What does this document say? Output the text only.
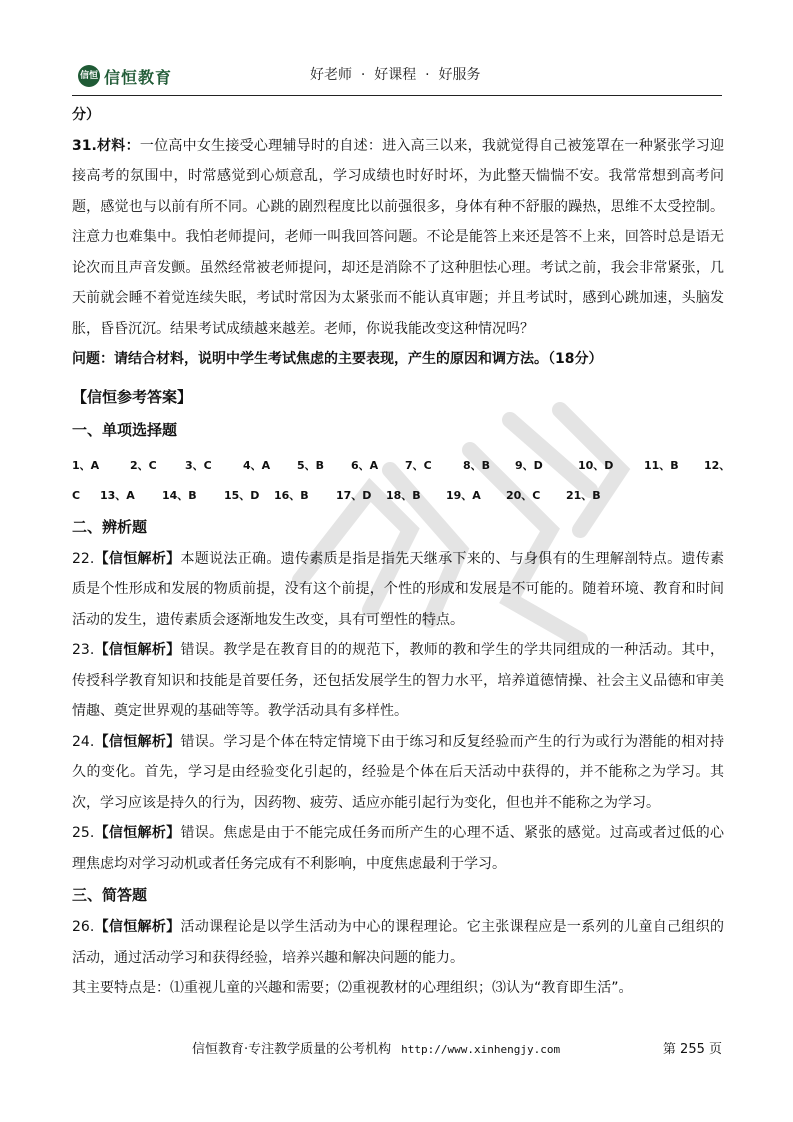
信恒 信恒教育	好老师  ·  好课程  ·  好服务

分）

31.材料：一位高中女生接受心理辅导时的自述：进入高三以来，我就觉得自己被笼罩在一种紧张学习迎接高考的氛围中，时常感觉到心烦意乱，学习成绩也时好时坏，为此整天惴惴不安。我常常想到高考问题，感觉也与以前有所不同。心跳的剧烈程度比以前强很多，身体有种不舒服的躁热，思维不太受控制。注意力也难集中。我怕老师提问，老师一叫我回答问题。不论是能答上来还是答不上来，回答时总是语无论次而且声音发颤。虽然经常被老师提问，却还是消除不了这种胆怯心理。考试之前，我会非常紧张，几天前就会睡不着觉连续失眠，考试时常因为太紧张而不能认真审题；并且考试时，感到心跳加速，头脑发胀，昏昏沉沉。结果考试成绩越来越差。老师，你说我能改变这种情况吗？

问题：请结合材料，说明中学生考试焦虑的主要表现，产生的原因和调方法。（18分）

【信恒参考答案】

一、单项选择题

1、A	2、C	3、C	4、A 5、B 6、A 7、C	8、B 9、D	10、D	11、B 12、
C 13、A 14、B 15、D 16、B 17、D 18、B 19、A 20、C 21、B

二、辨析题

22.【信恒解析】本题说法正确。遗传素质是指是指先天继承下来的、与身俱有的生理解剖特点。遗传素质是个性形成和发展的物质前提，没有这个前提，个性的形成和发展是不可能的。随着环境、教育和时间活动的发生，遗传素质会逐渐地发生改变，具有可塑性的特点。

23.【信恒解析】错误。教学是在教育目的的规范下，教师的教和学生的学共同组成的一种活动。其中，传授科学教育知识和技能是首要任务，还包括发展学生的智力水平，培养道德情操、社会主义品德和审美情趣、奠定世界观的基础等等。教学活动具有多样性。

24.【信恒解析】错误。学习是个体在特定情境下由于练习和反复经验而产生的行为或行为潜能的相对持久的变化。首先，学习是由经验变化引起的，经验是个体在后天活动中获得的，并不能称之为学习。其次，学习应该是持久的行为，因药物、疲劳、适应亦能引起行为变化，但也并不能称之为学习。

25.【信恒解析】错误。焦虑是由于不能完成任务而所产生的心理不适、紧张的感觉。过高或者过低的心理焦虑均对学习动机或者任务完成有不利影响，中度焦虑最利于学习。

三、简答题

26.【信恒解析】活动课程论是以学生活动为中心的课程理论。它主张课程应是一系列的儿童自己组织的活动，通过活动学习和获得经验，培养兴趣和解决问题的能力。

其主要特点是：⑴重视儿童的兴趣和需要；⑵重视教材的心理组织；⑶认为“教育即生活”。

信恒教育·专注教学质量的公考机构 http://www.xinhengjy.com	第 255 页
